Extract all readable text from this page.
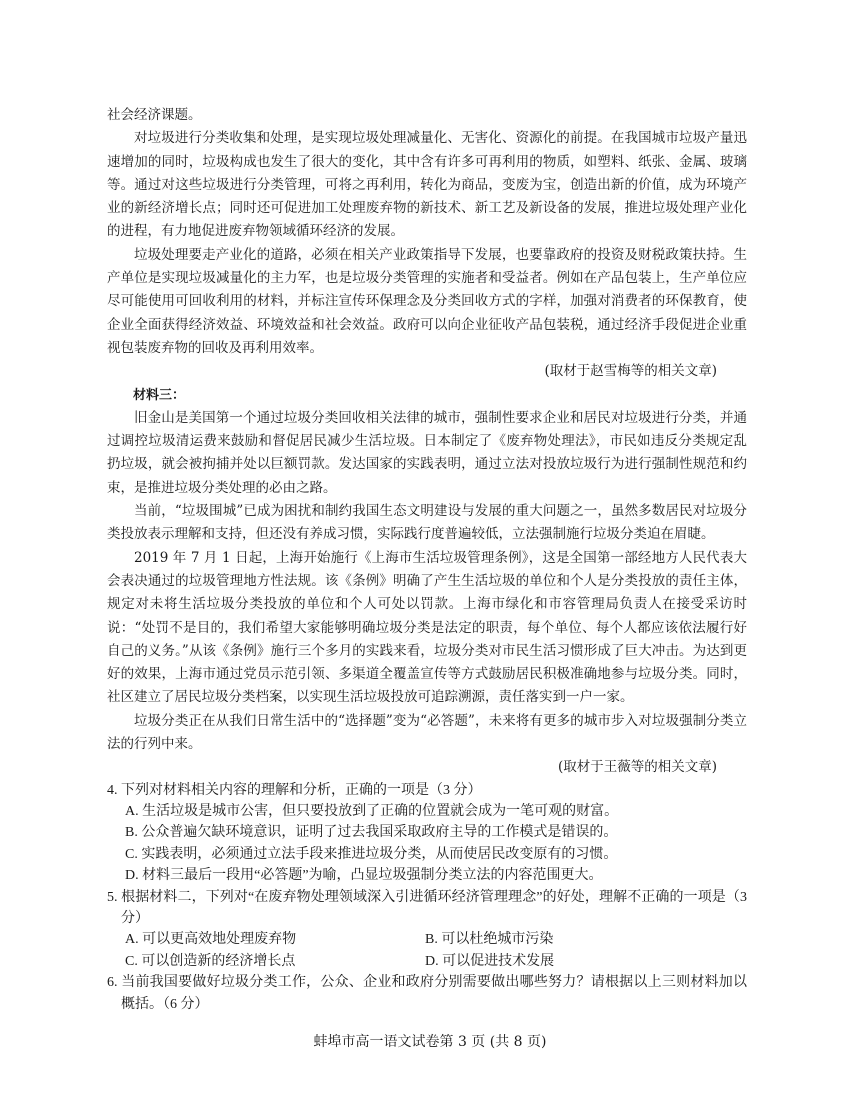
社会经济课题。

对垃圾进行分类收集和处理，是实现垃圾处理减量化、无害化、资源化的前提。在我国城市垃圾产量迅速增加的同时，垃圾构成也发生了很大的变化，其中含有许多可再利用的物质，如塑料、纸张、金属、玻璃等。通过对这些垃圾进行分类管理，可将之再利用，转化为商品，变废为宝，创造出新的价值，成为环境产业的新经济增长点；同时还可促进加工处理废弃物的新技术、新工艺及新设备的发展，推进垃圾处理产业化的进程，有力地促进废弃物领域循环经济的发展。

垃圾处理要走产业化的道路，必须在相关产业政策指导下发展，也要靠政府的投资及财税政策扶持。生产单位是实现垃圾减量化的主力军，也是垃圾分类管理的实施者和受益者。例如在产品包装上，生产单位应尽可能使用可回收利用的材料，并标注宣传环保理念及分类回收方式的字样，加强对消费者的环保教育，使企业全面获得经济效益、环境效益和社会效益。政府可以向企业征收产品包装税，通过经济手段促进企业重视包装废弃物的回收及再利用效率。

(取材于赵雪梅等的相关文章)

材料三：

旧金山是美国第一个通过垃圾分类回收相关法律的城市，强制性要求企业和居民对垃圾进行分类，并通过调控垃圾清运费来鼓励和督促居民减少生活垃圾。日本制定了《废弃物处理法》，市民如违反分类规定乱扔垃圾，就会被拘捕并处以巨额罚款。发达国家的实践表明，通过立法对投放垃圾行为进行强制性规范和约束，是推进垃圾分类处理的必由之路。

当前，“垃圾围城”已成为困扰和制约我国生态文明建设与发展的重大问题之一，虽然多数居民对垃圾分类投放表示理解和支持，但还没有养成习惯，实际践行度普遍较低，立法强制施行垃圾分类迫在眉睫。

2019 年 7 月 1 日起，上海开始施行《上海市生活垃圾管理条例》，这是全国第一部经地方人民代表大会表决通过的垃圾管理地方性法规。该《条例》明确了产生生活垃圾的单位和个人是分类投放的责任主体，规定对未将生活垃圾分类投放的单位和个人可处以罚款。上海市绿化和市容管理局负责人在接受采访时说：“处罚不是目的，我们希望大家能够明确垃圾分类是法定的职责，每个单位、每个人都应该依法履行好自己的义务。”从该《条例》施行三个多月的实践来看，垃圾分类对市民生活习惯形成了巨大冲击。为达到更好的效果，上海市通过党员示范引领、多渠道全覆盖宣传等方式鼓励居民积极准确地参与垃圾分类。同时，社区建立了居民垃圾分类档案，以实现生活垃圾投放可追踪溯源，责任落实到一户一家。

垃圾分类正在从我们日常生活中的“选择题”变为“必答题”，未来将有更多的城市步入对垃圾强制分类立法的行列中来。

(取材于王薇等的相关文章)

4. 下列对材料相关内容的理解和分析，正确的一项是（3 分）

A. 生活垃圾是城市公害，但只要投放到了正确的位置就会成为一笔可观的财富。

B. 公众普遍欠缺环境意识，证明了过去我国采取政府主导的工作模式是错误的。

C. 实践表明，必须通过立法手段来推进垃圾分类，从而使居民改变原有的习惯。

D. 材料三最后一段用“必答题”为喻，凸显垃圾强制分类立法的内容范围更大。

5. 根据材料二，下列对“在废弃物处理领域深入引进循环经济管理理念”的好处，理解不正确的一项是（3 分）

A. 可以更高效地处理废弃物	B. 可以杜绝城市污染
C. 可以创造新的经济增长点	D. 可以促进技术发展

6. 当前我国要做好垃圾分类工作，公众、企业和政府分别需要做出哪些努力？请根据以上三则材料加以概括。（6 分）

蚌埠市高一语文试卷第 3 页 (共 8 页)
